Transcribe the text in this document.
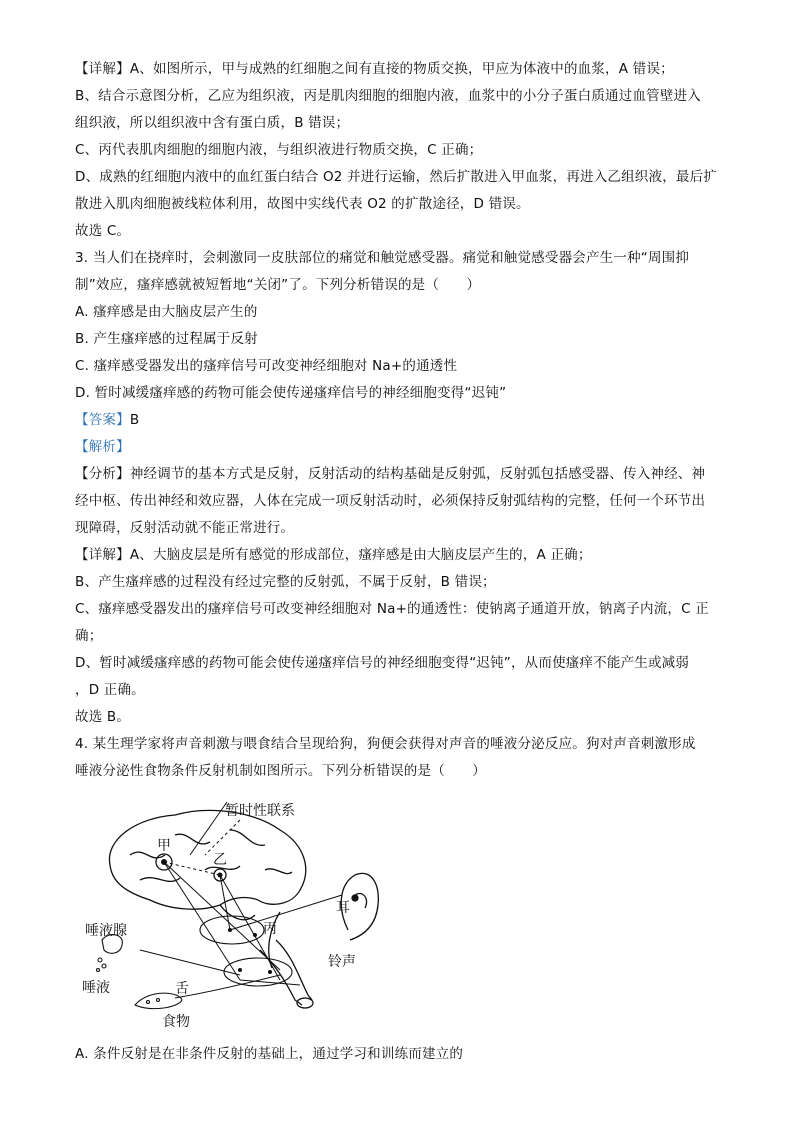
【详解】A、如图所示，甲与成熟的红细胞之间有直接的物质交换，甲应为体液中的血浆，A 错误；
B、结合示意图分析，乙应为组织液，丙是肌肉细胞的细胞内液，血浆中的小分子蛋白质通过血管壁进入
组织液，所以组织液中含有蛋白质，B 错误；
C、丙代表肌肉细胞的细胞内液，与组织液进行物质交换，C 正确；
D、成熟的红细胞内液中的血红蛋白结合 O2 并进行运输，然后扩散进入甲血浆，再进入乙组织液，最后扩
散进入肌肉细胞被线粒体利用，故图中实线代表 O2 的扩散途径，D 错误。
故选 C。
3. 当人们在挠痒时，会刺激同一皮肤部位的痛觉和触觉感受器。痛觉和触觉感受器会产生一种“周围抑
制”效应，瘙痒感就被短暂地“关闭”了。下列分析错误的是（　　）
A. 瘙痒感是由大脑皮层产生的
B. 产生瘙痒感的过程属于反射
C. 瘙痒感受器发出的瘙痒信号可改变神经细胞对 Na+的通透性
D. 暂时减缓瘙痒感的药物可能会使传递瘙痒信号的神经细胞变得“迟钝”
【答案】B
【解析】
【分析】神经调节的基本方式是反射，反射活动的结构基础是反射弧，反射弧包括感受器、传入神经、神
经中枢、传出神经和效应器，人体在完成一项反射活动时，必须保持反射弧结构的完整，任何一个环节出
现障碍，反射活动就不能正常进行。
【详解】A、大脑皮层是所有感觉的形成部位，瘙痒感是由大脑皮层产生的，A 正确；
B、产生瘙痒感的过程没有经过完整的反射弧，不属于反射，B 错误；
C、瘙痒感受器发出的瘙痒信号可改变神经细胞对 Na+的通透性：使钠离子通道开放，钠离子内流，C 正
确；
D、暂时减缓瘙痒感的药物可能会使传递瘙痒信号的神经细胞变得“迟钝”，从而使瘙痒不能产生或减弱
，D 正确。
故选 B。
4. 某生理学家将声音刺激与喂食结合呈现给狗，狗便会获得对声音的唾液分泌反应。狗对声音刺激形成
唾液分泌性食物条件反射机制如图所示。下列分析错误的是（　　）
暂时性联系
甲
乙
丙
耳
铃声
唾液腺
唾液	舌
食物
A. 条件反射是在非条件反射的基础上，通过学习和训练而建立的
